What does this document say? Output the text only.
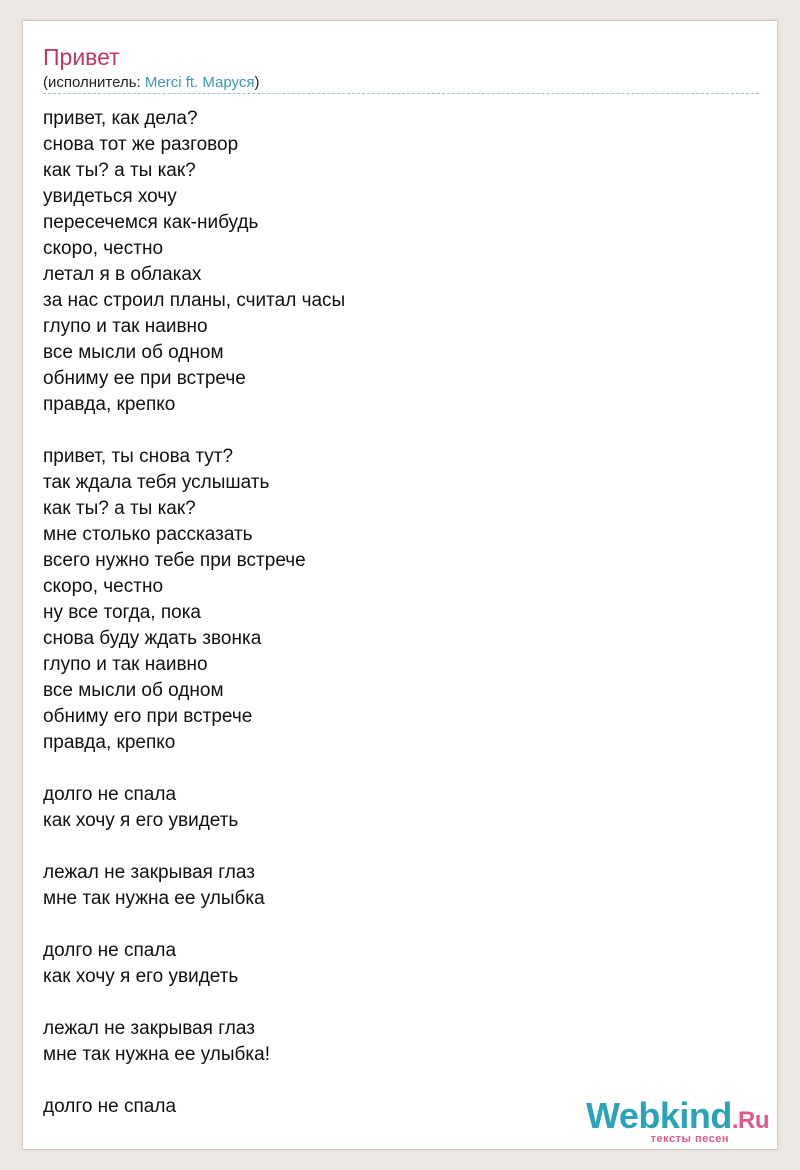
Привет
(исполнитель: Merci ft. Маруся)
привет, как дела?
снова тот же разговор
как ты? а ты как?
увидеться хочу
пересечемся как-нибудь
скоро, честно
летал я в облаках
за нас строил планы, считал часы
глупо и так наивно
все мысли об одном
обниму ее при встрече
правда, крепко
привет, ты снова тут?
так ждала тебя услышать
как ты? а ты как?
мне столько рассказать
всего нужно тебе при встрече
скоро, честно
ну все тогда, пока
снова буду ждать звонка
глупо и так наивно
все мысли об одном
обниму его при встрече
правда, крепко
долго не спала
как хочу я его увидеть
лежал не закрывая глаз
мне так нужна ее улыбка
долго не спала
как хочу я его увидеть
лежал не закрывая глаз
мне так нужна ее улыбка!
долго не спала	Webkind.Ru
тексты песен
